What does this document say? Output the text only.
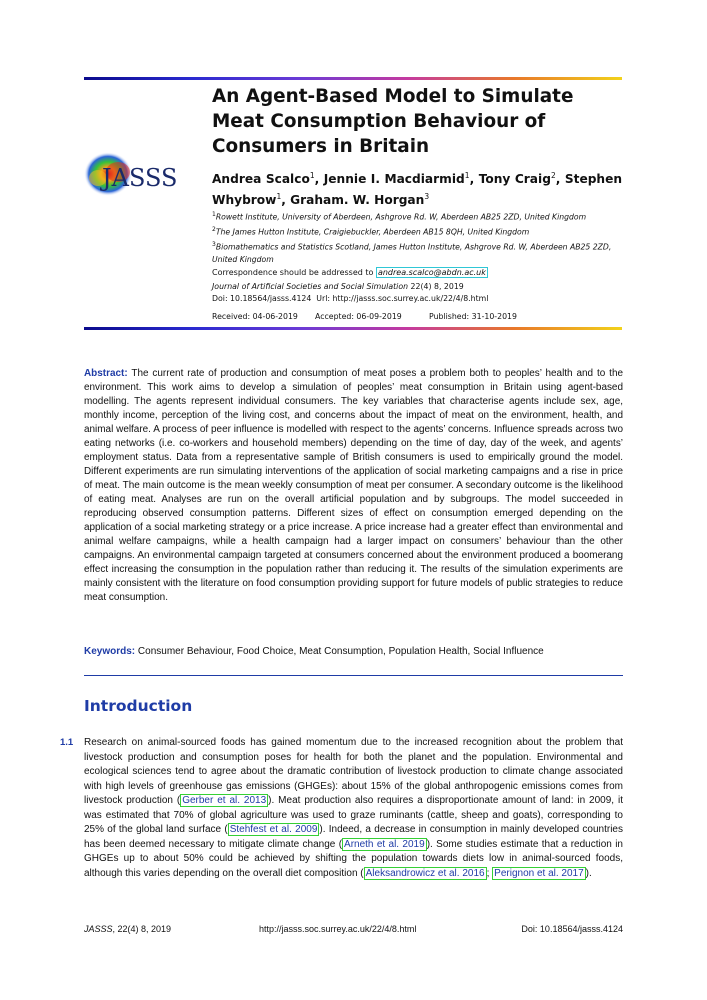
JASSS
An Agent-Based Model to Simulate Meat Consumption Behaviour of Consumers in Britain

Andrea Scalco$^1$, Jennie I. Macdiarmid$^1$, Tony Craig$^2$, Stephen Whybrow$^1$, Graham. W. Horgan$^3$

$^1$Rowett Institute, University of Aberdeen, Ashgrove Rd. W, Aberdeen AB25 2ZD, United Kingdom
$^2$The James Hutton Institute, Craigiebuckler, Aberdeen AB15 8QH, United Kingdom
$^3$Biomathematics and Statistics Scotland, James Hutton Institute, Ashgrove Rd. W, Aberdeen AB25 2ZD, United Kingdom
Correspondence should be addressed to andrea.scalco@abdn.ac.uk
Journal of Artificial Societies and Social Simulation 22(4) 8, 2019
Doi: 10.18564/jasss.4124 Url: http://jasss.soc.surrey.ac.uk/22/4/8.html
Received: 04-06-2019 Accepted: 06-09-2019	Published: 31-10-2019

Abstract: The current rate of production and consumption of meat poses a problem both to peoples’ health and to the environment. This work aims to develop a simulation of peoples’ meat consumption in Britain using agent-based modelling. The agents represent individual consumers. The key variables that characterise agents include sex, age, monthly income, perception of the living cost, and concerns about the impact of meat on the environment, health, and animal welfare. A process of peer influence is modelled with respect to the agents’ concerns. Influence spreads across two eating networks (i.e. co-workers and household members) depending on the time of day, day of the week, and agents’ employment status. Data from a representative sample of British consumers is used to empirically ground the model. Different experiments are run simulating interventions of the application of social marketing campaigns and a rise in price of meat. The main outcome is the mean weekly consumption of meat per consumer. A secondary outcome is the likelihood of eating meat. Analyses are run on the overall artificial population and by subgroups. The model succeeded in reproducing observed consumption patterns. Different sizes of effect on consumption emerged depending on the application of a social marketing strategy or a price increase. A price increase had a greater effect than environmental and animal welfare campaigns, while a health campaign had a larger impact on consumers’ behaviour than the other campaigns. An environmental campaign targeted at consumers concerned about the environment produced a boomerang effect increasing the consumption in the population rather than reducing it. The results of the simulation experiments are mainly consistent with the literature on food consumption providing support for future models of public strategies to reduce meat consumption.

Keywords: Consumer Behaviour, Food Choice, Meat Consumption, Population Health, Social Influence

Introduction
1.1 Research on animal-sourced foods has gained momentum due to the increased recognition about the problem that livestock production and consumption poses for health for both the planet and the population. Environmental and ecological sciences tend to agree about the dramatic contribution of livestock production to climate change associated with high levels of greenhouse gas emissions (GHGEs): about 15% of the global anthropogenic emissions comes from livestock production ( Gerber et al. 2013 ). Meat production also requires a disproportionate amount of land: in 2009, it was estimated that 70% of global agriculture was used to graze ruminants (cattle, sheep and goats), corresponding to 25% of the global land surface ( Stehfest et al. 2009 ). Indeed, a decrease in consumption in mainly developed countries has been deemed necessary to mitigate climate change ( Arneth et al. 2019 ). Some studies estimate that a reduction in GHGEs up to about 50% could be achieved by shifting the population towards diets low in animal-sourced foods, although this varies depending on the overall diet composition ( Aleksandrowicz et al. 2016 ; Perignon et al. 2017 ).

JASSS, 22(4) 8, 2019	http://jasss.soc.surrey.ac.uk/22/4/8.html	Doi: 10.18564/jasss.4124
